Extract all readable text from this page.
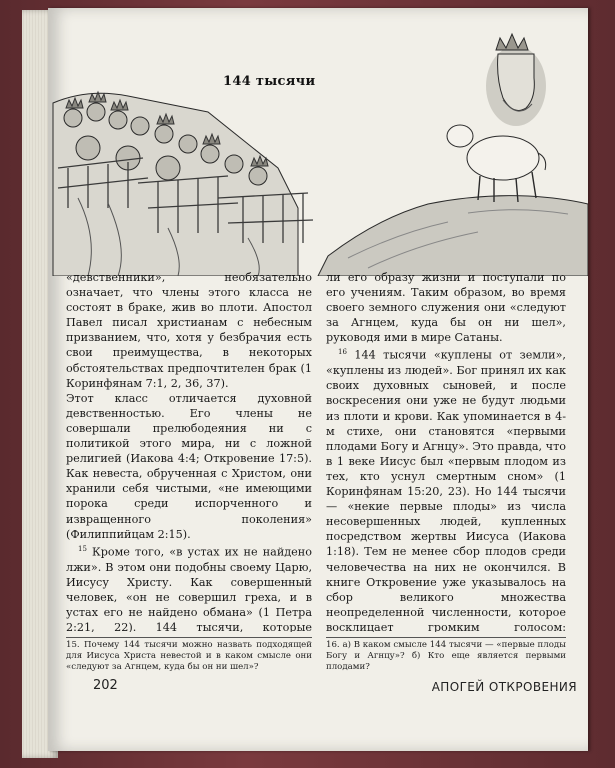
144 тысячи

«девственники», необязательно означает, что члены этого класса не состоят в браке, жив во плоти. Апостол Павел писал христианам с небесным призванием, что, хотя у безбрачия есть свои преимущества, в некоторых обстоятельствах предпочтителен брак (1 Коринфянам 7:1, 2, 36, 37).

Этот класс отличается духовной девственностью. Его члены не совершали прелюбодеяния ни с политикой этого мира, ни с ложной религией (Иакова 4:4; Откровение 17:5). Как невеста, обрученная с Христом, они хранили себя чистыми, «не имеющими порока среди испорченного и извращенного поколения» (Филиппийцам 2:15).

$^{15}$ Кроме того, «в устах их не найдено лжи». В этом они подобны своему Царю, Иисусу Христу. Как совершенный человек, «он не совершил греха, и в устах его не найдено обмана» (1 Петра 2:21, 22). 144 тысячи, которые

ли его образу жизни и поступали по его учениям. Таким образом, во время своего земного служения они «следуют за Агнцем, куда бы он ни шел», руководя ими в мире Сатаны.

$^{16}$ 144 тысячи «куплены от земли», «куплены из людей». Бог принял их как своих духовных сыновей, и после воскресения они уже не будут людьми из плоти и крови. Как упоминается в 4-м стихе, они становятся «первыми плодами Богу и Агнцу». Это правда, что в 1 веке Иисус был «первым плодом из тех, кто уснул смертным сном» (1 Коринфянам 15:20, 23). Но 144 тысячи — «некие первые плоды» из числа несовершенных людей, купленных посредством жертвы Иисуса (Иакова 1:18). Тем не менее сбор плодов среди человечества на них не окончился. В книге Откровение уже указывалось на сбор великого множества неопределенной численности, которое восклицает громким голосом:

15. Почему 144 тысячи можно назвать подходящей для Иисуса Христа невестой и в каком смысле они «следуют за Агнцем, куда бы он ни шел»?
16. а) В каком смысле 144 тысячи — «первые плоды Богу и Агнцу»? б) Кто еще является первыми плодами?
202	АПОГЕЙ ОТКРОВЕНИЯ
